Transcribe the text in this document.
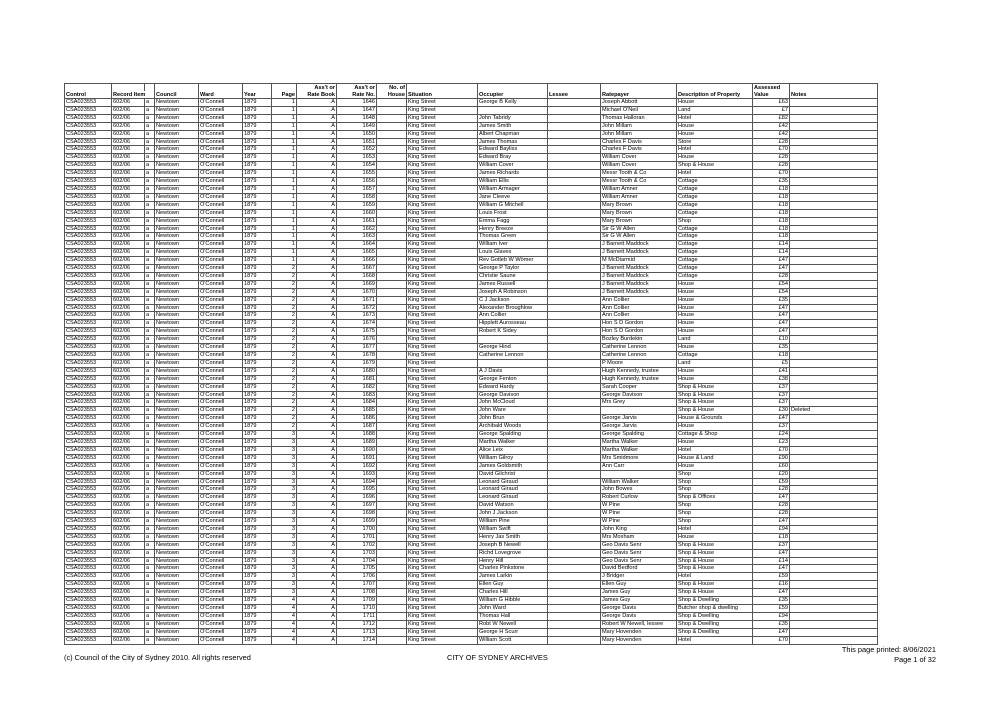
							Ass't or	Ass't or	No. of						Assessed	
Control	Record Item		Council	Ward	Year	Page	Rate Book	Rate No.	House	Situation	Occupier	Lessee	Ratepayer	Description of Property	Value	Notes
CSA023553	602/06	a	Newtown	O'Connell	1879	1	A	1646		King Street	George B Kelly		Joseph Abbott	House	£63	
CSA023553	602/06	a	Newtown	O'Connell	1879	1	A	1647		King Street			Michael O'Neil	Land	£7	
CSA023553	602/06	a	Newtown	O'Connell	1879	1	A	1648		King Street	John Tabridy		Thomas Halloran	Hotel	£82	
CSA023553	602/06	a	Newtown	O'Connell	1879	1	A	1649		King Street	James Smith		John Millam	House	£42	
CSA023553	602/06	a	Newtown	O'Connell	1879	1	A	1650		King Street	Albert Chapman		John Millam	House	£42	
CSA023553	602/06	a	Newtown	O'Connell	1879	1	A	1651		King Street	James Thomas		Charles F Davis	Store	£28	
CSA023553	602/06	a	Newtown	O'Connell	1879	1	A	1652		King Street	Edward Bayliss		Charles F Davis	Hotel	£70	
CSA023553	602/06	a	Newtown	O'Connell	1879	1	A	1653		King Street	Edward Bray		William Cover	House	£28	
CSA023553	602/06	a	Newtown	O'Connell	1879	1	A	1654		King Street	William Cover		William Cover	Shop & House	£28	
CSA023553	602/06	a	Newtown	O'Connell	1879	1	A	1655		King Street	James Richards		Messr Tooth & Co	Hotel	£70	
CSA023553	602/06	a	Newtown	O'Connell	1879	1	A	1656		King Street	William Ellis		Messr Tooth & Co	Cottage	£35	
CSA023553	602/06	a	Newtown	O'Connell	1879	1	A	1657		King Street	William Armager		William Amner	Cottage	£18	
CSA023553	602/06	a	Newtown	O'Connell	1879	1	A	1658		King Street	Jane Cleeve		William Amner	Cottage	£18	
CSA023553	602/06	a	Newtown	O'Connell	1879	1	A	1659		King Street	William G Mitchell		Mary Brown	Cottage	£18	
CSA023553	602/06	a	Newtown	O'Connell	1879	1	A	1660		King Street	Louis Frost		Mary Brown	Cottage	£18	
CSA023553	602/06	a	Newtown	O'Connell	1879	1	A	1661		King Street	Emma Fagg		Mary Brown	Shop	£18	
CSA023553	602/06	a	Newtown	O'Connell	1879	1	A	1662		King Street	Henry Breeze		Sir G W Allen	Cottage	£18	
CSA023553	602/06	a	Newtown	O'Connell	1879	1	A	1663		King Street	Thomas Green		Sir G W Allen	Cottage	£18	
CSA023553	602/06	a	Newtown	O'Connell	1879	1	A	1664		King Street	William Iver		J Barnett Maddock	Cottage	£14	
CSA023553	602/06	a	Newtown	O'Connell	1879	1	A	1665		King Street	Louis Glaves		J Barnett Maddock	Cottage	£14	
CSA023553	602/06	a	Newtown	O'Connell	1879	1	A	1666		King Street	Rev Gotleb W Wömer		M McDiarmid	Cottage	£47	
CSA023553	602/06	a	Newtown	O'Connell	1879	2	A	1667		King Street	George P Taylor		J Barnett Maddock	Cottage	£47	
CSA023553	602/06	a	Newtown	O'Connell	1879	2	A	1668		King Street	Christie Saune		J Barnett Maddock	Cottage	£28	
CSA023553	602/06	a	Newtown	O'Connell	1879	2	A	1669		King Street	James Russell		J Barnett Maddock	House	£54	
CSA023553	602/06	a	Newtown	O'Connell	1879	2	A	1670		King Street	Joseph A Robinson		J Barnett Maddock	House	£54	
CSA023553	602/06	a	Newtown	O'Connell	1879	2	A	1671		King Street	C J Jackson		Ann Collier	House	£35	
CSA023553	602/06	a	Newtown	O'Connell	1879	2	A	1672		King Street	Alexander Broughlow		Ann Collier	House	£47	
CSA023553	602/06	a	Newtown	O'Connell	1879	2	A	1673		King Street	Ann Collier		Ann Collier	House	£47	
CSA023553	602/06	a	Newtown	O'Connell	1879	2	A	1674		King Street	Hipplett Aurosseau		Hon S D Gordon	House	£47	
CSA023553	602/06	a	Newtown	O'Connell	1879	2	A	1675		King Street	Robert K Sidey		Hon S D Gordon	House	£47	
CSA023553	602/06	a	Newtown	O'Connell	1879	2	A	1676		King Street			Bozley Burdekin	Land	£10	
CSA023553	602/06	a	Newtown	O'Connell	1879	2	A	1677		King Street	George Hind		Catherine Lennon	House	£35	
CSA023553	602/06	a	Newtown	O'Connell	1879	2	A	1678		King Street	Catherine Lennon		Catherine Lennon	Cottage	£18	
CSA023553	602/06	a	Newtown	O'Connell	1879	2	A	1679		King Street			P Moore	Land	£5	
CSA023553	602/06	a	Newtown	O'Connell	1879	2	A	1680		King Street	A J Davis		Hugh Kennedy, trustee	House	£41	
CSA023553	602/06	a	Newtown	O'Connell	1879	2	A	1681		King Street	George Fenton		Hugh Kennedy, trustee	House	£38	
CSA023553	602/06	a	Newtown	O'Connell	1879	2	A	1682		King Street	Edward Hardy		Sarah Cooper	Shop & House	£37	
CSA023553	602/06	a	Newtown	O'Connell	1879	2	A	1683		King Street	George Davison		George Davison	Shop & House	£37	
CSA023553	602/06	a	Newtown	O'Connell	1879	2	A	1684		King Street	John McCloud		Mrs Grey	Shop & House	£37	
CSA023553	602/06	a	Newtown	O'Connell	1879	2	A	1685		King Street	John Ware			Shop & House	£30	Deleted
CSA023553	602/06	a	Newtown	O'Connell	1879	2	A	1686		King Street	John Brun		George Jarvis	House & Grounds	£47	
CSA023553	602/06	a	Newtown	O'Connell	1879	2	A	1687		King Street	Archibald Woods		George Jarvis	House	£37	
CSA023553	602/06	a	Newtown	O'Connell	1879	3	A	1688		King Street	George Spalding		George Spalding	Cottage & Shop	£24	
CSA023553	602/06	a	Newtown	O'Connell	1879	3	A	1689		King Street	Martha Walker		Martha Walker	House	£23	
CSA023553	602/06	a	Newtown	O'Connell	1879	3	A	1690		King Street	Alice Leix		Martha Walker	Hotel	£70	
CSA023553	602/06	a	Newtown	O'Connell	1879	3	A	1691		King Street	William Gilroy		Mrs Smidmore	House & Land	£90	
CSA023553	602/06	a	Newtown	O'Connell	1879	3	A	1692		King Street	James Goldsmith		Ann Carr	House	£60	
CSA023553	602/06	a	Newtown	O'Connell	1879	3	A	1693		King Street	David Gilchrist			Shop	£20	
CSA023553	602/06	a	Newtown	O'Connell	1879	3	A	1694		King Street	Leonard Giraud		William Walker	Shop	£59	
CSA023553	602/06	a	Newtown	O'Connell	1879	3	A	1695		King Street	Leonard Giraud		John Bowes	Shop	£28	
CSA023553	602/06	a	Newtown	O'Connell	1879	3	A	1696		King Street	Leonard Giraud		Robert Curlow	Shop & Offices	£47	
CSA023553	602/06	a	Newtown	O'Connell	1879	3	A	1697		King Street	David Watson		W Pine	Shop	£28	
CSA023553	602/06	a	Newtown	O'Connell	1879	3	A	1698		King Street	John J Jackson		W Pine	Shop	£28	
CSA023553	602/06	a	Newtown	O'Connell	1879	3	A	1699		King Street	William Pine		W Pine	Shop	£47	
CSA023553	602/06	a	Newtown	O'Connell	1879	3	A	1700		King Street	William Swift		John King	Hotel	£94	
CSA023553	602/06	a	Newtown	O'Connell	1879	3	A	1701		King Street	Henry Jas Smith		Mrs Moxham	House	£18	
CSA023553	602/06	a	Newtown	O'Connell	1879	3	A	1702		King Street	Joseph B Newell		Geo Davis Senr	Shop & House	£37	
CSA023553	602/06	a	Newtown	O'Connell	1879	3	A	1703		King Street	Richd Lovegrove		Geo Davis Senr	Shop & House	£47	
CSA023553	602/06	a	Newtown	O'Connell	1879	3	A	1704		King Street	Henry Hill		Geo Davis Senr	Shop & House	£14	
CSA023553	602/06	a	Newtown	O'Connell	1879	3	A	1705		King Street	Charles Pinkstone		David Bedford	Shop & House	£47	
CSA023553	602/06	a	Newtown	O'Connell	1879	3	A	1706		King Street	James Larkin		J Bridger	Hotel	£59	
CSA023553	602/06	a	Newtown	O'Connell	1879	3	A	1707		King Street	Ellen Guy		Ellen Guy	Shop & House	£16	
CSA023553	602/06	a	Newtown	O'Connell	1879	3	A	1708		King Street	Charles Hill		James Guy	Shop & House	£47	
CSA023553	602/06	a	Newtown	O'Connell	1879	4	A	1709		King Street	William G Hibble		James Guy	Shop & Dwelling	£35	
CSA023553	602/06	a	Newtown	O'Connell	1879	4	A	1710		King Street	John Ward		George Davis	Butcher shop & dwelling	£59	
CSA023553	602/06	a	Newtown	O'Connell	1879	4	A	1711		King Street	Thomas Hall		George Davis	Shop & Dwelling	£94	
CSA023553	602/06	a	Newtown	O'Connell	1879	4	A	1712		King Street	Robt W Newell		Robert W Newell, lessee	Shop & Dwelling	£35	
CSA023553	602/06	a	Newtown	O'Connell	1879	4	A	1713		King Street	George H Scurr		Mary Hovenden	Shop & Dwelling	£47	
CSA023553	602/06	a	Newtown	O'Connell	1879	4	A	1714		King Street	William Scott		Mary Hovenden	Hotel	£70	
(c) Council of the City of Sydney 2010. All rights reserved	CITY OF SYDNEY ARCHIVES
This page printed: 8/06/2021
Page 1 of 32
